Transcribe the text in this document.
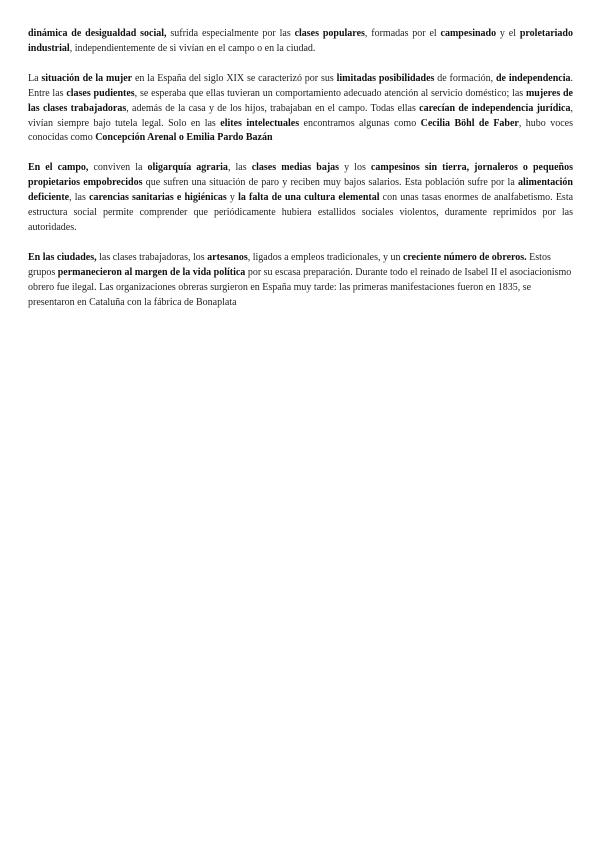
dinámica de desigualdad social, sufrida especialmente por las clases populares, formadas por el campesinado y el proletariado industrial, independientemente de si vivían en el campo o en la ciudad.

La situación de la mujer en la España del siglo XIX se caracterizó por sus limitadas posibilidades de formación, de independencia. Entre las clases pudientes, se esperaba que ellas tuvieran un comportamiento adecuado atención al servicio doméstico; las mujeres de las clases trabajadoras, además de la casa y de los hijos, trabajaban en el campo. Todas ellas carecían de independencia jurídica, vivían siempre bajo tutela legal. Solo en las elites intelectuales encontramos algunas como Cecilia Böhl de Faber, hubo voces conocidas como Concepción Arenal o Emilia Pardo Bazán

En el campo, conviven la oligarquía agraria, las clases medias bajas y los campesinos sin tierra, jornaleros o pequeños propietarios empobrecidos que sufren una situación de paro y reciben muy bajos salarios. Esta población sufre por la alimentación deficiente, las carencias sanitarias e higiénicas y la falta de una cultura elemental con unas tasas enormes de analfabetismo. Esta estructura social permite comprender que periódicamente hubiera estallidos sociales violentos, duramente reprimidos por las autoridades.

En las ciudades, las clases trabajadoras, los artesanos, ligados a empleos tradicionales, y un creciente número de obreros. Estos grupos permanecieron al margen de la vida política por su escasa preparación. Durante todo el reinado de Isabel II el asociacionismo obrero fue ilegal. Las organizaciones obreras surgieron en España muy tarde: las primeras manifestaciones fueron en 1835, se presentaron en Cataluña con la fábrica de Bonaplata
